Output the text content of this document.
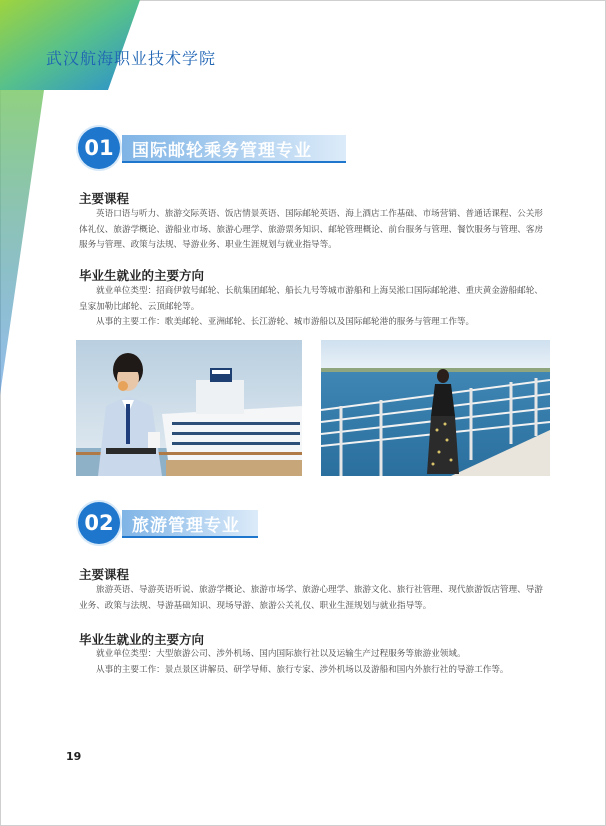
武汉航海职业技术学院
01	国际邮轮乘务管理专业
主要课程

英语口语与听力、旅游交际英语、饭店情景英语、国际邮轮英语、海上酒店工作基础、市场营销、普通话课程、公关形体礼仪、旅游学概论、游船业市场、旅游心理学、旅游票务知识、邮轮管理概论、前台服务与管理、餐饮服务与管理、客房服务与管理、政策与法规、导游业务、职业生涯规划与就业指导等。

毕业生就业的主要方向

就业单位类型：招商伊敦号邮轮、长航集团邮轮、船长九号等城市游船和上海吴淞口国际邮轮港、重庆黄金游船邮轮、皇家加勒比邮轮、云顶邮轮等。

从事的主要工作：歌美邮轮、亚洲邮轮、长江游轮、城市游船以及国际邮轮港的服务与管理工作等。

02	旅游管理专业
主要课程

旅游英语、导游英语听说、旅游学概论、旅游市场学、旅游心理学、旅游文化、旅行社管理、现代旅游饭店管理、导游业务、政策与法规、导游基础知识、现场导游、旅游公关礼仪、职业生涯规划与就业指导等。

毕业生就业的主要方向

就业单位类型：大型旅游公司、涉外机场、国内国际旅行社以及运输生产过程服务等旅游业领域。

从事的主要工作：景点景区讲解员、研学导师、旅行专家、涉外机场以及游船和国内外旅行社的导游工作等。

19
